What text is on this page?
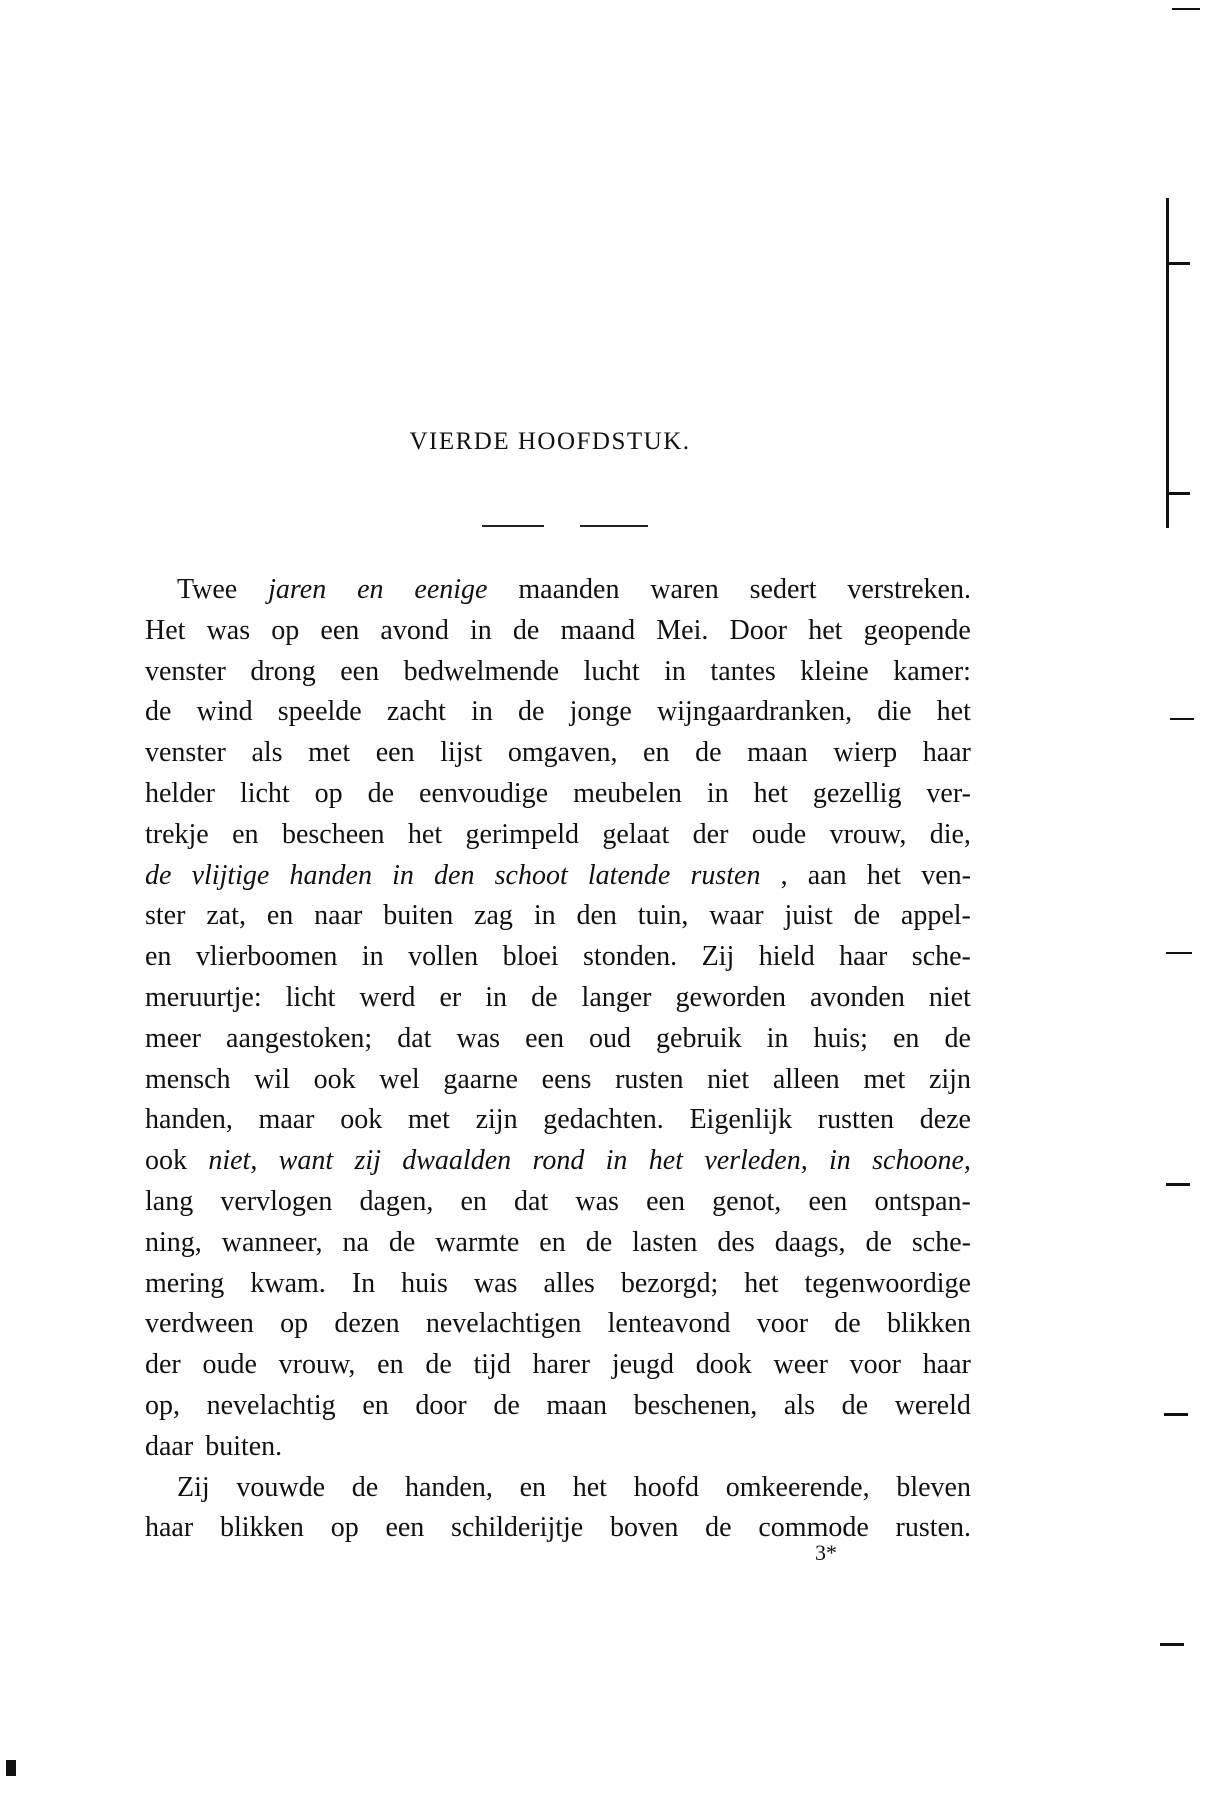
VIERDE HOOFDSTUK.
Twee jaren en eenige maanden waren sedert verstreken.
Het was op een avond in de maand Mei. Door het geopende
venster drong een bedwelmende lucht in tantes kleine kamer:
de wind speelde zacht in de jonge wijngaardranken, die het
venster als met een lijst omgaven, en de maan wierp haar
helder licht op de eenvoudige meubelen in het gezellig ver-
trekje en bescheen het gerimpeld gelaat der oude vrouw, die,
de vlijtige handen in den schoot latende rusten , aan het ven-
ster zat, en naar buiten zag in den tuin, waar juist de appel-
en vlierboomen in vollen bloei stonden. Zij hield haar sche-
meruurtje: licht werd er in de langer geworden avonden niet
meer aangestoken; dat was een oud gebruik in huis; en de
mensch wil ook wel gaarne eens rusten niet alleen met zijn
handen, maar ook met zijn gedachten. Eigenlijk rustten deze
ook niet, want zij dwaalden rond in het verleden, in schoone,
lang vervlogen dagen, en dat was een genot, een ontspan-
ning, wanneer, na de warmte en de lasten des daags, de sche-
mering kwam. In huis was alles bezorgd; het tegenwoordige
verdween op dezen nevelachtigen lenteavond voor de blikken
der oude vrouw, en de tijd harer jeugd dook weer voor haar
op, nevelachtig en door de maan beschenen, als de wereld
daar buiten.
Zij vouwde de handen, en het hoofd omkeerende, bleven
haar blikken op een schilderijtje boven de commode rusten.
3*
